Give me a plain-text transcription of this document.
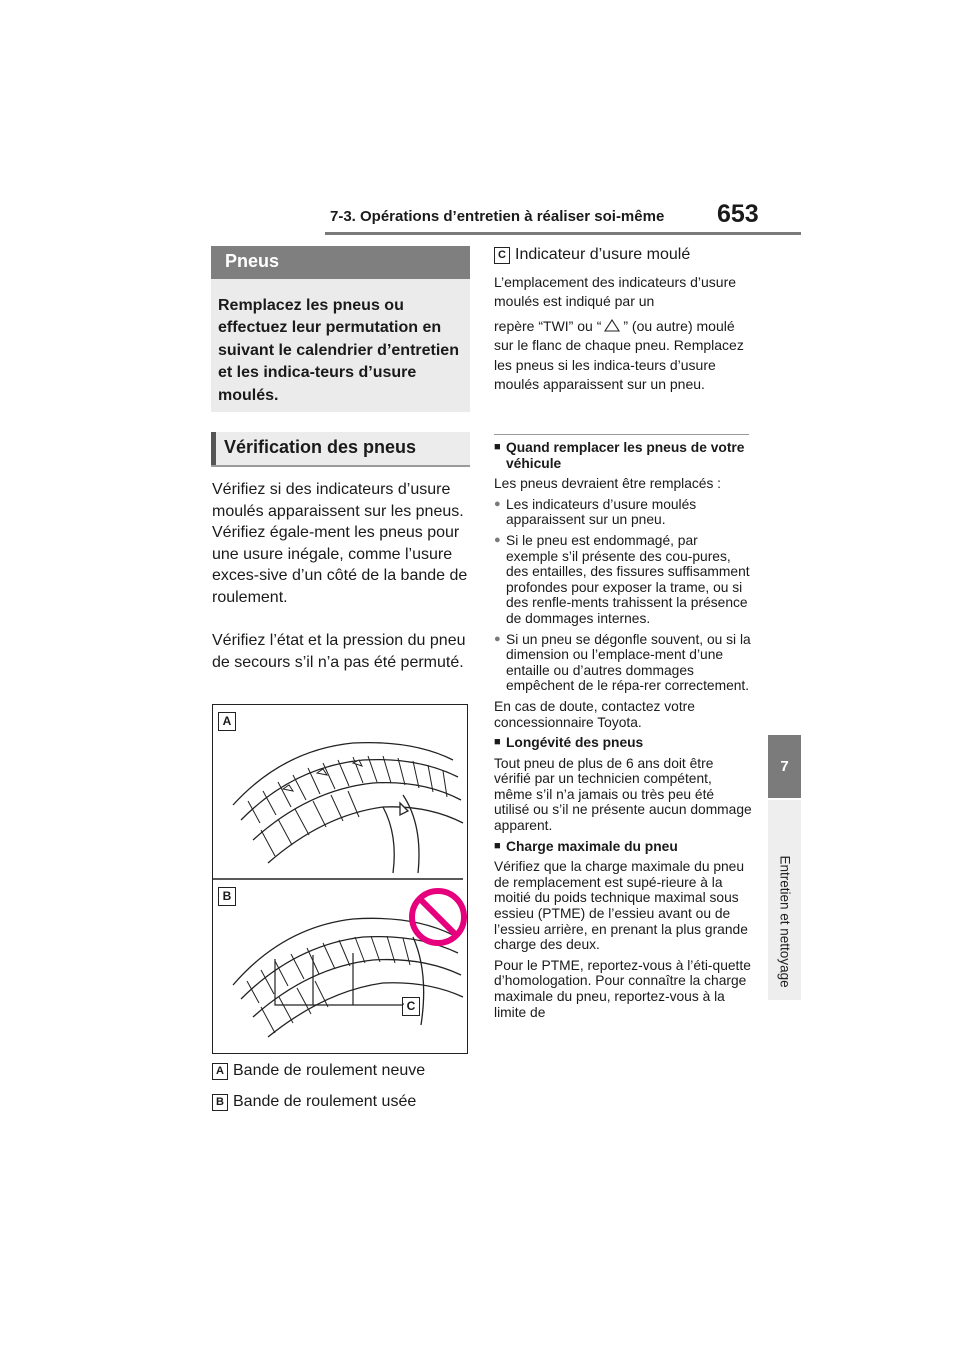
7-3. Opérations d’entretien à réaliser soi-même 653
7
Pneus
Remplacez les pneus ou effectuez leur permutation en suivant le calendrier d’entretien et les indica-teurs d’usure moulés.
Vérification des pneus
Vérifiez si des indicateurs d’usure moulés apparaissent sur les pneus. Vérifiez égale-ment les pneus pour une usure inégale, comme l’usure exces-sive d’un côté de la bande de roulement.
Vérifiez l’état et la pression du pneu de secours s’il n’a pas été permuté.
A
B
C
A Bande de roulement neuve
B Bande de roulement usée
C Indicateur d’usure moulé
L’emplacement des indicateurs d’usure moulés est indiqué par un
repère “TWI” ou “ ” (ou autre) moulé sur le flanc de chaque pneu. Remplacez les pneus si les indica-teurs d’usure moulés apparaissent sur un pneu.
■ Quand remplacer les pneus de votre véhicule
Les pneus devraient être remplacés :
● Les indicateurs d’usure moulés apparaissent sur un pneu.
● Si le pneu est endommagé, par exemple s’il présente des cou-pures, des entailles, des fissures suffisamment profondes pour exposer la trame, ou si des renfle-ments trahissent la présence de dommages internes.
● Si un pneu se dégonfle souvent, ou si la dimension ou l’emplace-ment d’une entaille ou d’autres dommages empêchent de le répa-rer correctement.
En cas de doute, contactez votre concessionnaire Toyota.
■ Longévité des pneus
Tout pneu de plus de 6 ans doit être vérifié par un technicien compétent, même s’il n’a jamais ou très peu été utilisé ou s’il ne présente aucun dommage apparent.
■ Charge maximale du pneu
Vérifiez que la charge maximale du pneu de remplacement est supé-rieure à la moitié du poids technique maximal sous essieu (PTME) de l’essieu avant ou de l’essieu arrière, en prenant la plus grande charge des deux.
Pour le PTME, reportez-vous à l’éti-quette d’homologation. Pour connaître la charge maximale du pneu, reportez-vous à la limite de
